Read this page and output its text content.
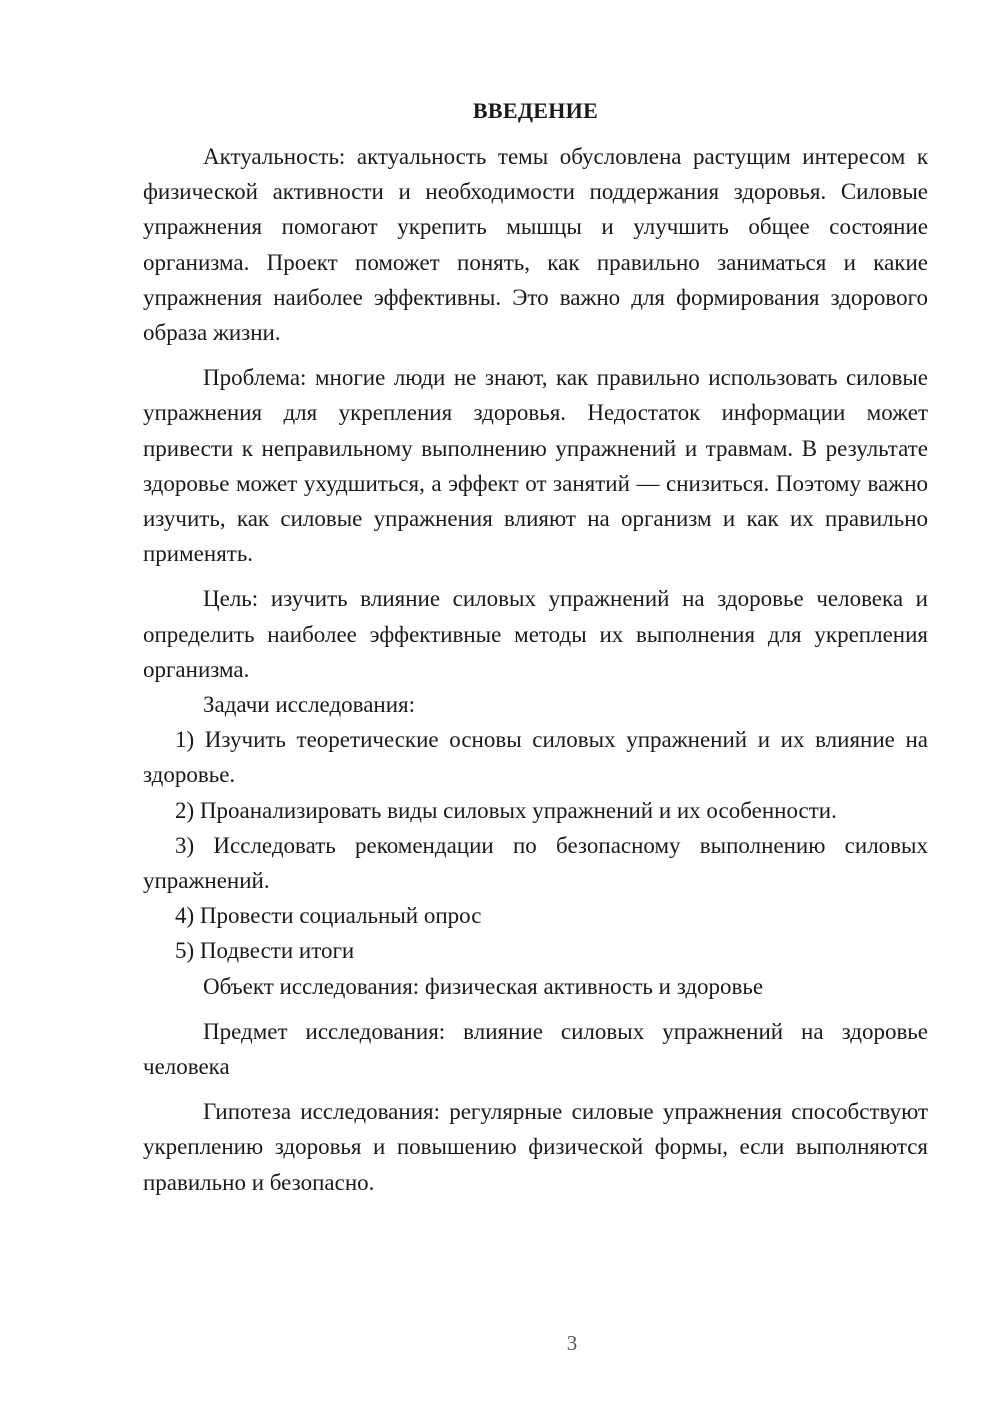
ВВЕДЕНИЕ

Актуальность: актуальность темы обусловлена растущим интересом к физической активности и необходимости поддержания здоровья. Силовые упражнения помогают укрепить мышцы и улучшить общее состояние организма. Проект поможет понять, как правильно заниматься и какие упражнения наиболее эффективны. Это важно для формирования здорового образа жизни.

Проблема: многие люди не знают, как правильно использовать силовые упражнения для укрепления здоровья. Недостаток информации может привести к неправильному выполнению упражнений и травмам. В результате здоровье может ухудшиться, а эффект от занятий — снизиться. Поэтому важно изучить, как силовые упражнения влияют на организм и как их правильно применять.

Цель: изучить влияние силовых упражнений на здоровье человека и определить наиболее эффективные методы их выполнения для укрепления организма.

Задачи исследования:

1) Изучить теоретические основы силовых упражнений и их влияние на здоровье.

2) Проанализировать виды силовых упражнений и их особенности.

3) Исследовать рекомендации по безопасному выполнению силовых упражнений.

4) Провести социальный опрос

5) Подвести итоги

Объект исследования: физическая активность и здоровье

Предмет исследования: влияние силовых упражнений на здоровье человека

Гипотеза исследования: регулярные силовые упражнения способствуют укреплению здоровья и повышению физической формы, если выполняются правильно и безопасно.

3
